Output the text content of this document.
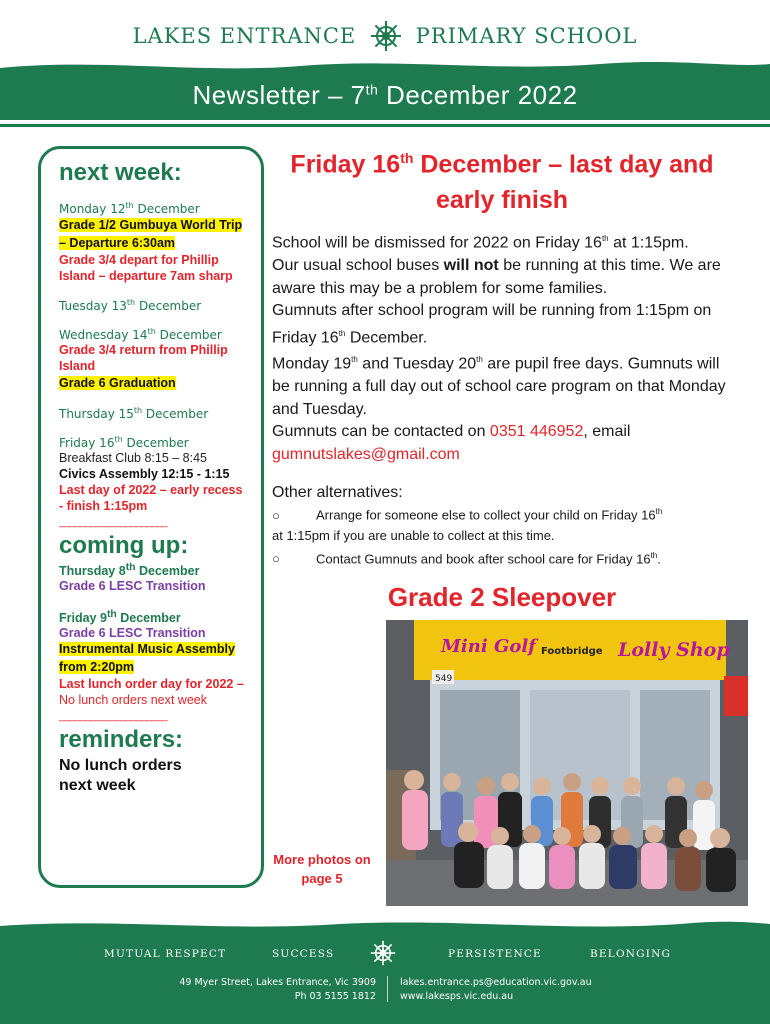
LAKES ENTRANCE	PRIMARY SCHOOL
Newsletter – 7th December 2022
next week:
Monday 12th December
Grade 1/2 Gumbuya World Trip – Departure 6:30am
Grade 3/4 depart for Phillip Island – departure 7am sharp
Tuesday 13th December
Wednesday 14th December
Grade 3/4 return from Phillip Island
Grade 6 Graduation
Thursday 15th December
Friday 16th December
Breakfast Club 8:15 – 8:45
Civics Assembly 12:15 - 1:15
Last day of 2022 – early recess - finish 1:15pm
_____________________
coming up:
Thursday 8th December
Grade 6 LESC Transition
Friday 9th December
Grade 6 LESC Transition
Instrumental Music Assembly from 2:20pm
Last lunch order day for 2022 – No lunch orders next week
_____________________
reminders:
No lunch orders next week
Friday 16th December – last day and early finish

School will be dismissed for 2022 on Friday 16th at 1:15pm.

Our usual school buses will not be running at this time. We are aware this may be a problem for some families.

Gumnuts after school program will be running from 1:15pm on Friday 16th December.

Monday 19th and Tuesday 20th are pupil free days. Gumnuts will be running a full day out of school care program on that Monday and Tuesday.

Gumnuts can be contacted on 0351 446952, email gumnutslakes@gmail.com

Other alternatives:
○	Arrange for someone else to collect your child on Friday 16th
at 1:15pm if you are unable to collect at this time.
○	Contact Gumnuts and book after school care for Friday 16th.
Grade 2 Sleepover
Mini Golf Footbridge Lolly Shop
549
More photos on page 5
MUTUAL RESPECT	SUCCESS	PERSISTENCE	BELONGING
49 Myer Street, Lakes Entrance, Vic 3909
Ph 03 5155 1812
lakes.entrance.ps@education.vic.gov.au
www.lakesps.vic.edu.au
